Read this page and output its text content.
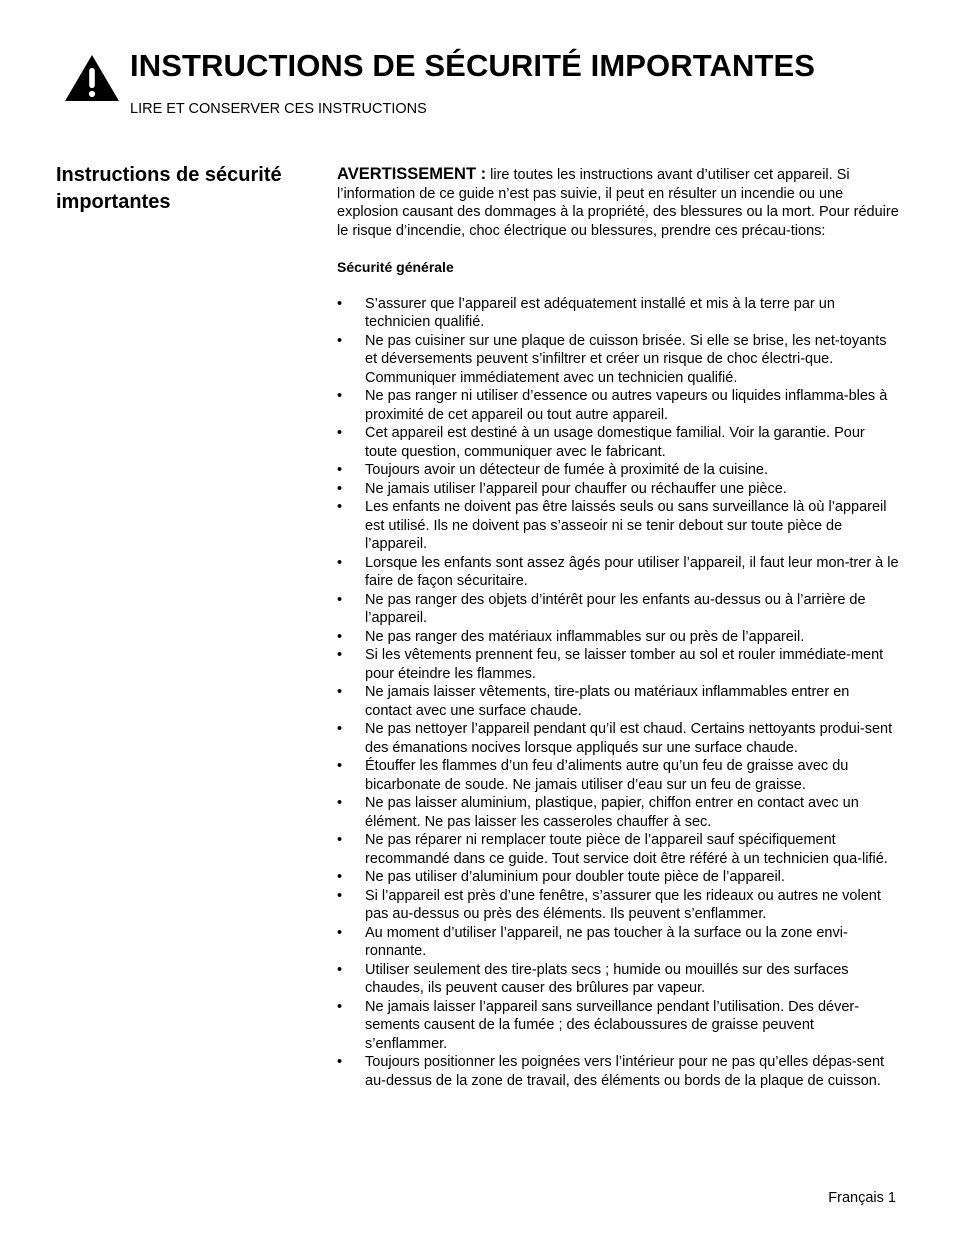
INSTRUCTIONS DE SÉCURITÉ IMPORTANTES

LIRE ET CONSERVER CES INSTRUCTIONS

Instructions de sécurité importantes

AVERTISSEMENT : lire toutes les instructions avant d’utiliser cet appareil. Si l’information de ce guide n’est pas suivie, il peut en résulter un incendie ou une explosion causant des dommages à la propriété, des blessures ou la mort. Pour réduire le risque d’incendie, choc électrique ou blessures, prendre ces précau-tions:

Sécurité générale

• S’assurer que l’appareil est adéquatement installé et mis à la terre par un technicien qualifié.
• Ne pas cuisiner sur une plaque de cuisson brisée. Si elle se brise, les net-toyants et déversements peuvent s’infiltrer et créer un risque de choc électri-que. Communiquer immédiatement avec un technicien qualifié.
• Ne pas ranger ni utiliser d’essence ou autres vapeurs ou liquides inflamma-bles à proximité de cet appareil ou tout autre appareil.
• Cet appareil est destiné à un usage domestique familial. Voir la garantie. Pour toute question, communiquer avec le fabricant.
• Toujours avoir un détecteur de fumée à proximité de la cuisine.
• Ne jamais utiliser l’appareil pour chauffer ou réchauffer une pièce.
• Les enfants ne doivent pas être laissés seuls ou sans surveillance là où l’appareil est utilisé. Ils ne doivent pas s’asseoir ni se tenir debout sur toute pièce de l’appareil.
• Lorsque les enfants sont assez âgés pour utiliser l’appareil, il faut leur mon-trer à le faire de façon sécuritaire.
• Ne pas ranger des objets d’intérêt pour les enfants au-dessus ou à l’arrière de l’appareil.
• Ne pas ranger des matériaux inflammables sur ou près de l’appareil.
• Si les vêtements prennent feu, se laisser tomber au sol et rouler immédiate-ment pour éteindre les flammes.
• Ne jamais laisser vêtements, tire-plats ou matériaux inflammables entrer en contact avec une surface chaude.
• Ne pas nettoyer l’appareil pendant qu’il est chaud. Certains nettoyants produi-sent des émanations nocives lorsque appliqués sur une surface chaude.
• Étouffer les flammes d’un feu d’aliments autre qu’un feu de graisse avec du bicarbonate de soude. Ne jamais utiliser d’eau sur un feu de graisse.
• Ne pas laisser aluminium, plastique, papier, chiffon entrer en contact avec un élément. Ne pas laisser les casseroles chauffer à sec.
• Ne pas réparer ni remplacer toute pièce de l’appareil sauf spécifiquement recommandé dans ce guide. Tout service doit être référé à un technicien qua-lifié.
• Ne pas utiliser d’aluminium pour doubler toute pièce de l’appareil.
• Si l’appareil est près d’une fenêtre, s’assurer que les rideaux ou autres ne volent pas au-dessus ou près des éléments. Ils peuvent s’enflammer.
• Au moment d’utiliser l’appareil, ne pas toucher à la surface ou la zone envi-ronnante.
• Utiliser seulement des tire-plats secs ; humide ou mouillés sur des surfaces chaudes, ils peuvent causer des brûlures par vapeur.
• Ne jamais laisser l’appareil sans surveillance pendant l’utilisation. Des déver-sements causent de la fumée ; des éclaboussures de graisse peuvent s’enflammer.
• Toujours positionner les poignées vers l’intérieur pour ne pas qu’elles dépas-sent au-dessus de la zone de travail, des éléments ou bords de la plaque de cuisson.
Français 1
